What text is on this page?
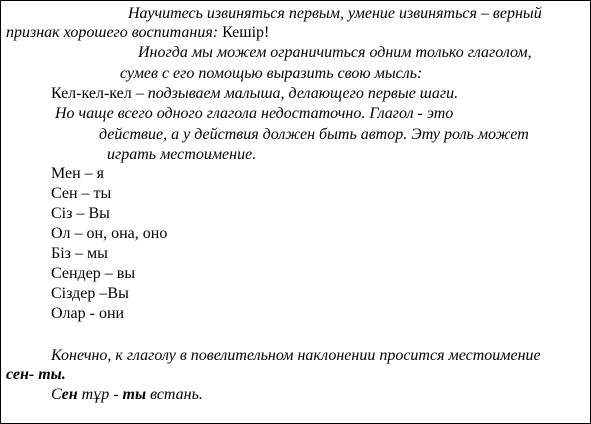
Научитесь извиняться первым, умение извиняться – верный
признак хорошего воспитания: Кешір!
Иногда мы можем ограничиться одним только глаголом,
сумев с его помощью выразить свою мысль:
Кел-кел-кел – подзываем малыша, делающего первые шаги.
Но чаще всего одного глагола недостаточно. Глагол - это
действие, а у действия должен быть автор. Эту роль может
играть местоимение.
Мен – я
Сен – ты
Сіз – Вы
Ол – он, она, оно
Біз – мы
Сендер – вы
Сіздер –Вы
Олар - они
Конечно, к глаголу в повелительном наклонении просится местоимение
сен- ты.
Сен тұр - ты встань.
